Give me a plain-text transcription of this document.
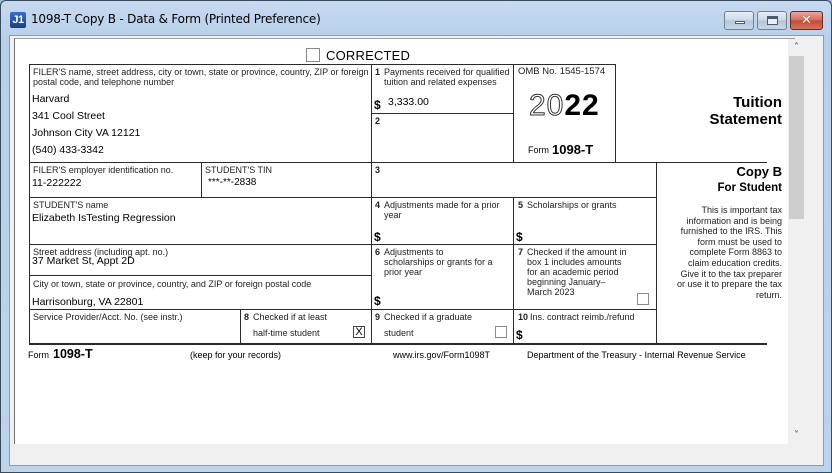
J1 1098-T Copy B - Data & Form (Printed Preference)	✕
CORRECTED
FILER'S name, street address, city or town, state or province, country, ZIP or foreign postal code, and telephone number
Harvard
341 Cool Street
Johnson City VA 12121
(540) 433-3342
1 Payments received for qualified tuition and related expenses
$ 3,333.00
2
OMB No. 1545-1574
2022
Form 1098-T
Tuition
Statement
FILER'S employer identification no.
11-222222
STUDENT'S TIN
***-**-2838
3	Copy B
For Student
This is important tax information and is being furnished to the IRS. This form must be used to complete Form 8863 to claim education credits. Give it to the tax preparer or use it to prepare the tax return.
STUDENT'S name
Elizabeth IsTesting Regression
4 Adjustments made for a prior year
$
5 Scholarships or grants
$
Street address (including apt. no.)
37 Market St, Appt 2D
City or town, state or province, country, and ZIP or foreign postal code
Harrisonburg, VA 22801
6 Adjustments to scholarships or grants for a prior year
$
7 Checked if the amount in box 1 includes amounts for an academic period beginning January– March 2023
Service Provider/Acct. No. (see instr.)	8 Checked if at least
half-time student	X
9 Checked if a graduate
student
10 Ins. contract reimb./refund
$
Form 1098-T	(keep for your records)	www.irs.gov/Form1098T	Department of the Treasury - Internal Revenue Service
˄
˅
